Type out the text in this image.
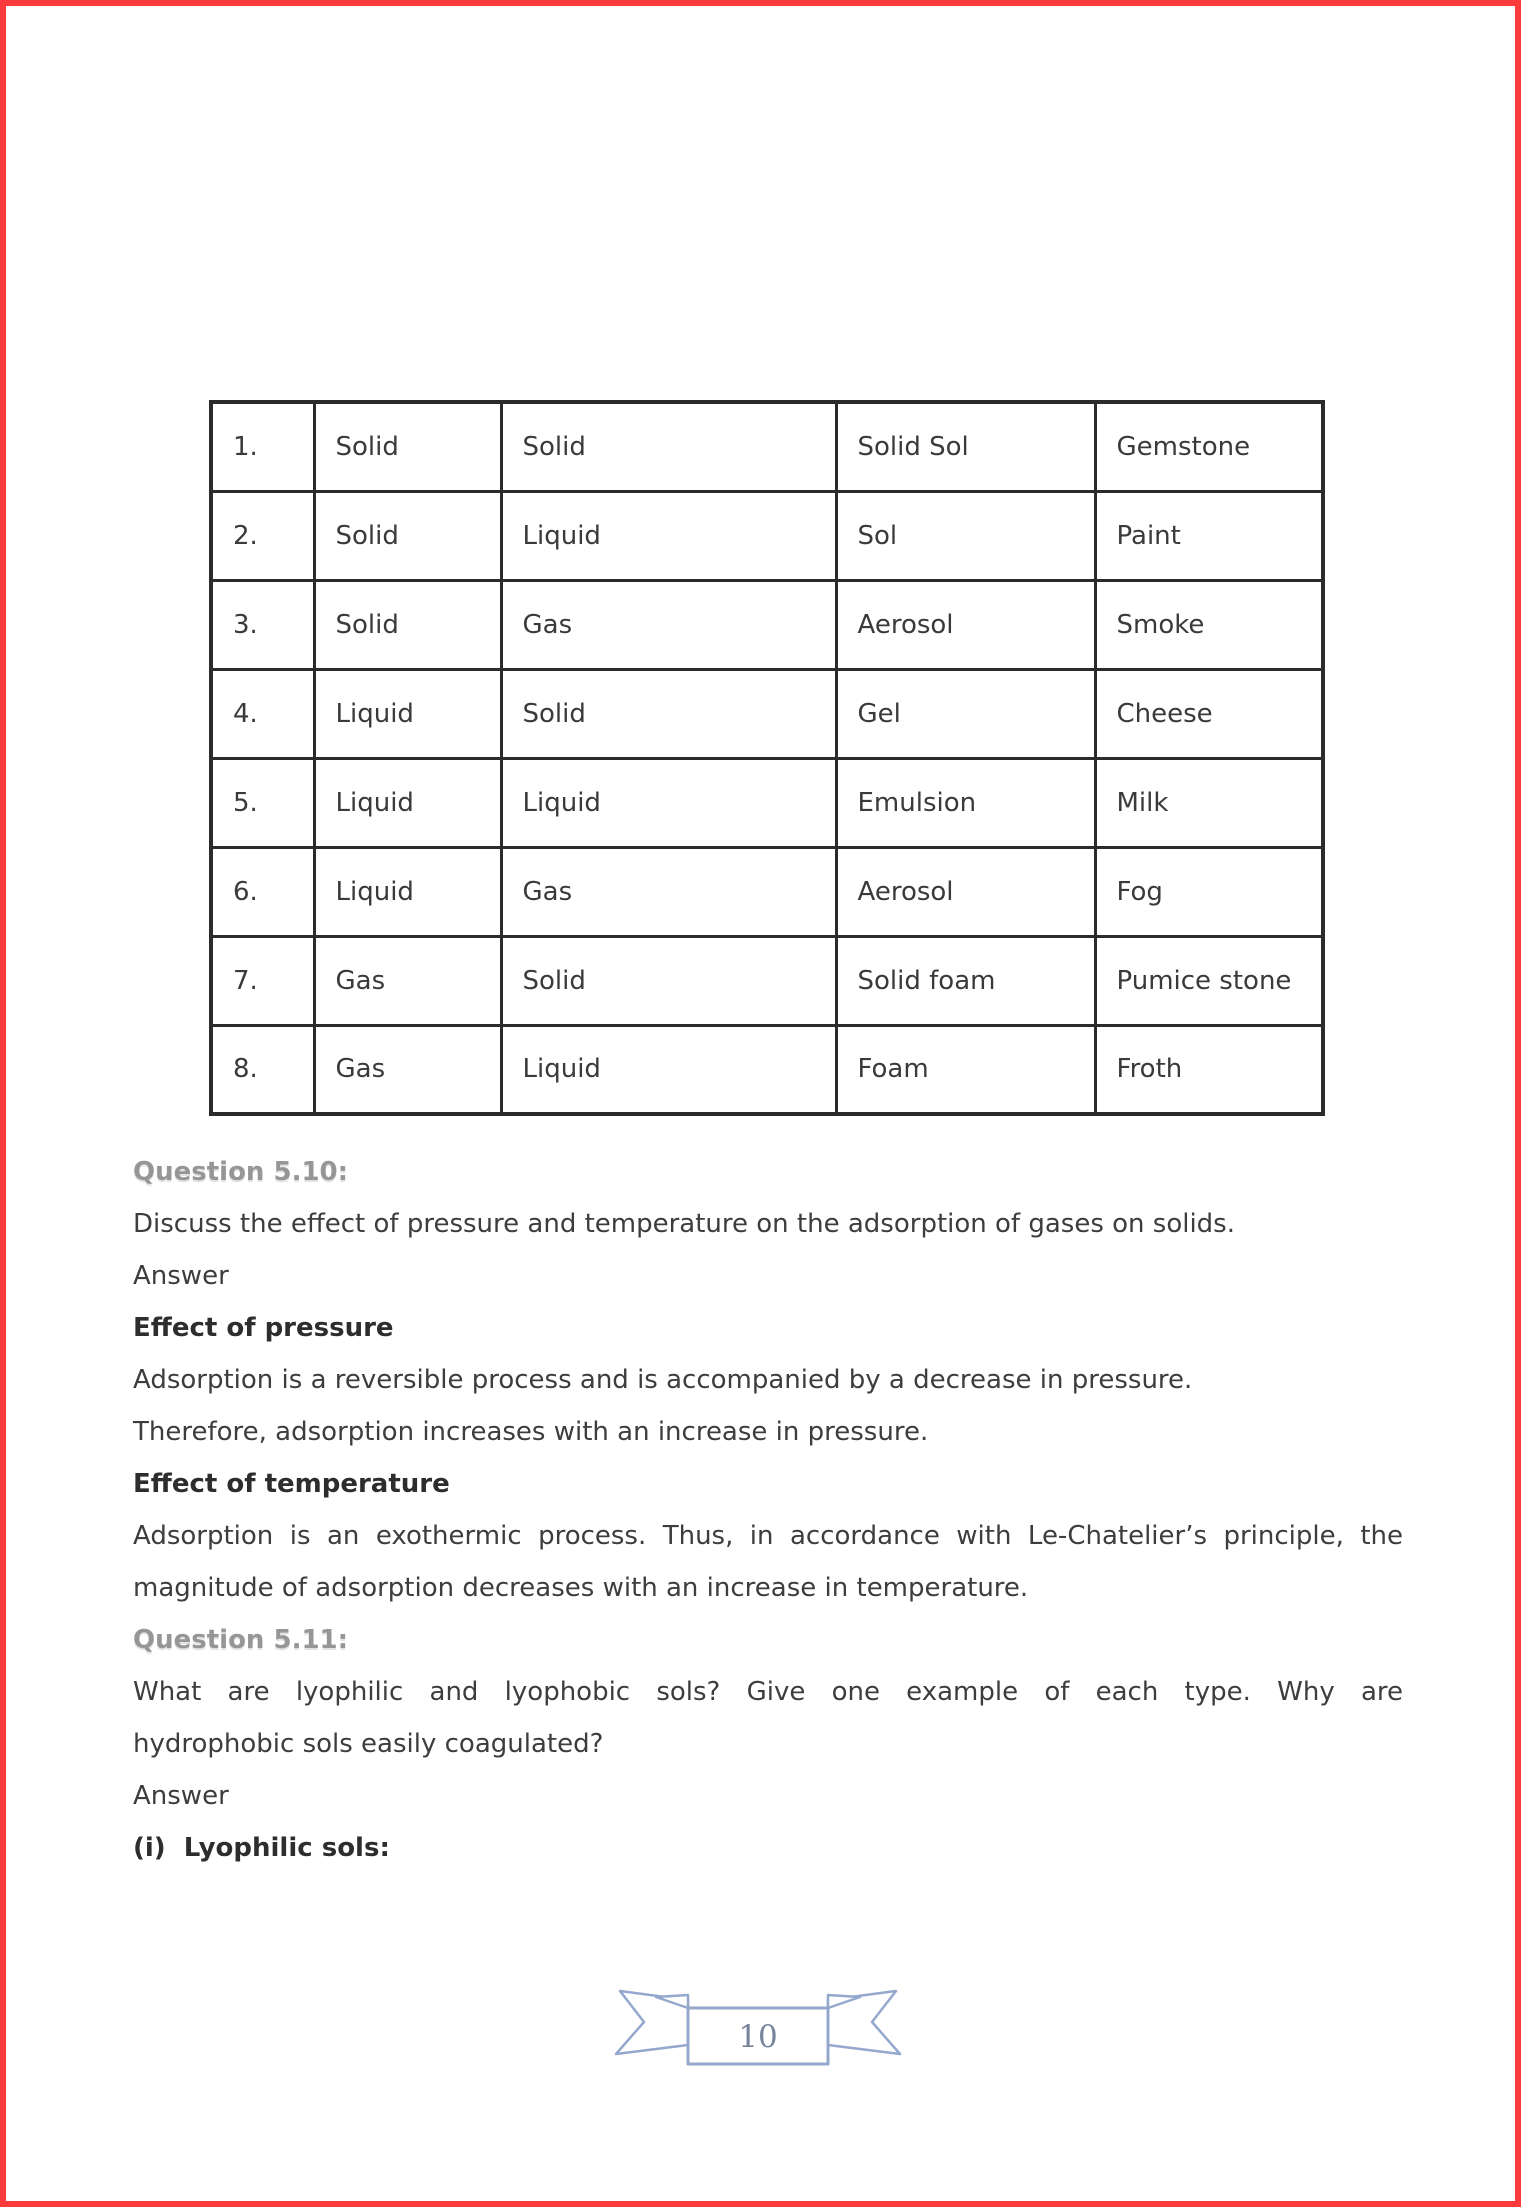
1.	Solid	Solid	Solid Sol	Gemstone
2.	Solid	Liquid	Sol	Paint
3.	Solid	Gas	Aerosol	Smoke
4.	Liquid	Solid	Gel	Cheese
5.	Liquid	Liquid	Emulsion	Milk
6.	Liquid	Gas	Aerosol	Fog
7.	Gas	Solid	Solid foam	Pumice stone
8.	Gas	Liquid	Foam	Froth
Question 5.10:
Discuss the effect of pressure and temperature on the adsorption of gases on solids.
Answer
Effect of pressure
Adsorption is a reversible process and is accompanied by a decrease in pressure.
Therefore, adsorption increases with an increase in pressure.
Effect of temperature
Adsorption is an exothermic process. Thus, in accordance with Le-Chatelier’s principle, the
magnitude of adsorption decreases with an increase in temperature.
Question 5.11:
What are lyophilic and lyophobic sols? Give one example of each type. Why are
hydrophobic sols easily coagulated?
Answer
(i)  Lyophilic sols:
10
